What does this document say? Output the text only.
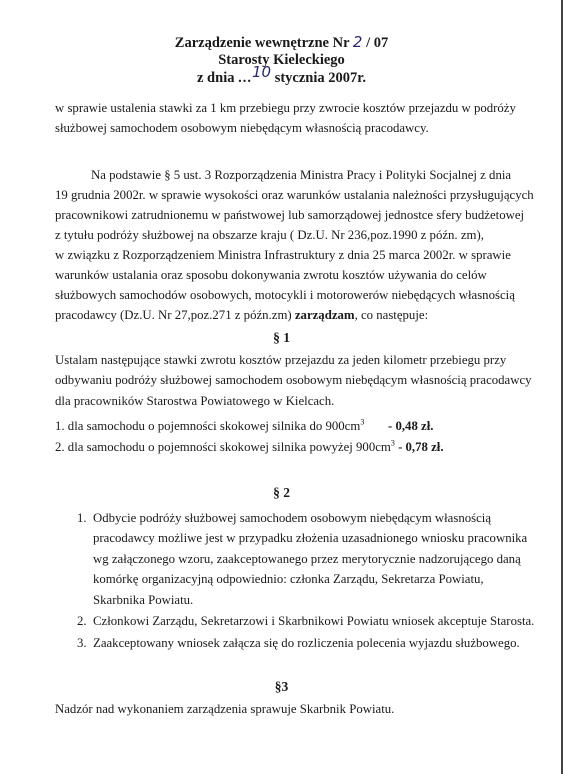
Zarządzenie wewnętrzne Nr 2 / 07
Starosty Kieleckiego
z dnia ...10 stycznia 2007r.
w sprawie ustalenia stawki za 1 km przebiegu przy zwrocie kosztów przejazdu w podróży
służbowej samochodem osobowym niebędącym własnością pracodawcy.
Na podstawie § 5 ust. 3 Rozporządzenia Ministra Pracy i Polityki Socjalnej z dnia
19 grudnia 2002r. w sprawie wysokości oraz warunków ustalania należności przysługujących
pracownikowi zatrudnionemu w państwowej lub samorządowej jednostce sfery budżetowej
z tytułu podróży służbowej na obszarze kraju ( Dz.U. Nr 236,poz.1990 z późn. zm),
w związku z Rozporządzeniem Ministra Infrastruktury z dnia 25 marca 2002r. w sprawie
warunków ustalania oraz sposobu dokonywania zwrotu kosztów używania do celów
służbowych samochodów osobowych, motocykli i motorowerów niebędących własnością
pracodawcy (Dz.U. Nr 27,poz.271 z późn.zm) zarządzam, co następuje:
§ 1
Ustalam następujące stawki zwrotu kosztów przejazdu za jeden kilometr przebiegu przy
odbywaniu podróży służbowej samochodem osobowym niebędącym własnością pracodawcy
dla pracowników Starostwa Powiatowego w Kielcach.
1. dla samochodu o pojemności skokowej silnika do $900cm^3 - 0,48$ zł.
2. dla samochodu o pojemności skokowej silnika powyżej $900cm^3 - 0,78$ zł.
§ 2
1. Odbycie podróży służbowej samochodem osobowym niebędącym własnością
pracodawcy możliwe jest w przypadku złożenia uzasadnionego wniosku pracownika
wg załączonego wzoru, zaakceptowanego przez merytorycznie nadzorującego daną
komórkę organizacyjną odpowiednio: członka Zarządu, Sekretarza Powiatu,
Skarbnika Powiatu.
2. Członkowi Zarządu, Sekretarzowi i Skarbnikowi Powiatu wniosek akceptuje Starosta.
3. Zaakceptowany wniosek załącza się do rozliczenia polecenia wyjazdu służbowego.
§3
Nadzór nad wykonaniem zarządzenia sprawuje Skarbnik Powiatu.
